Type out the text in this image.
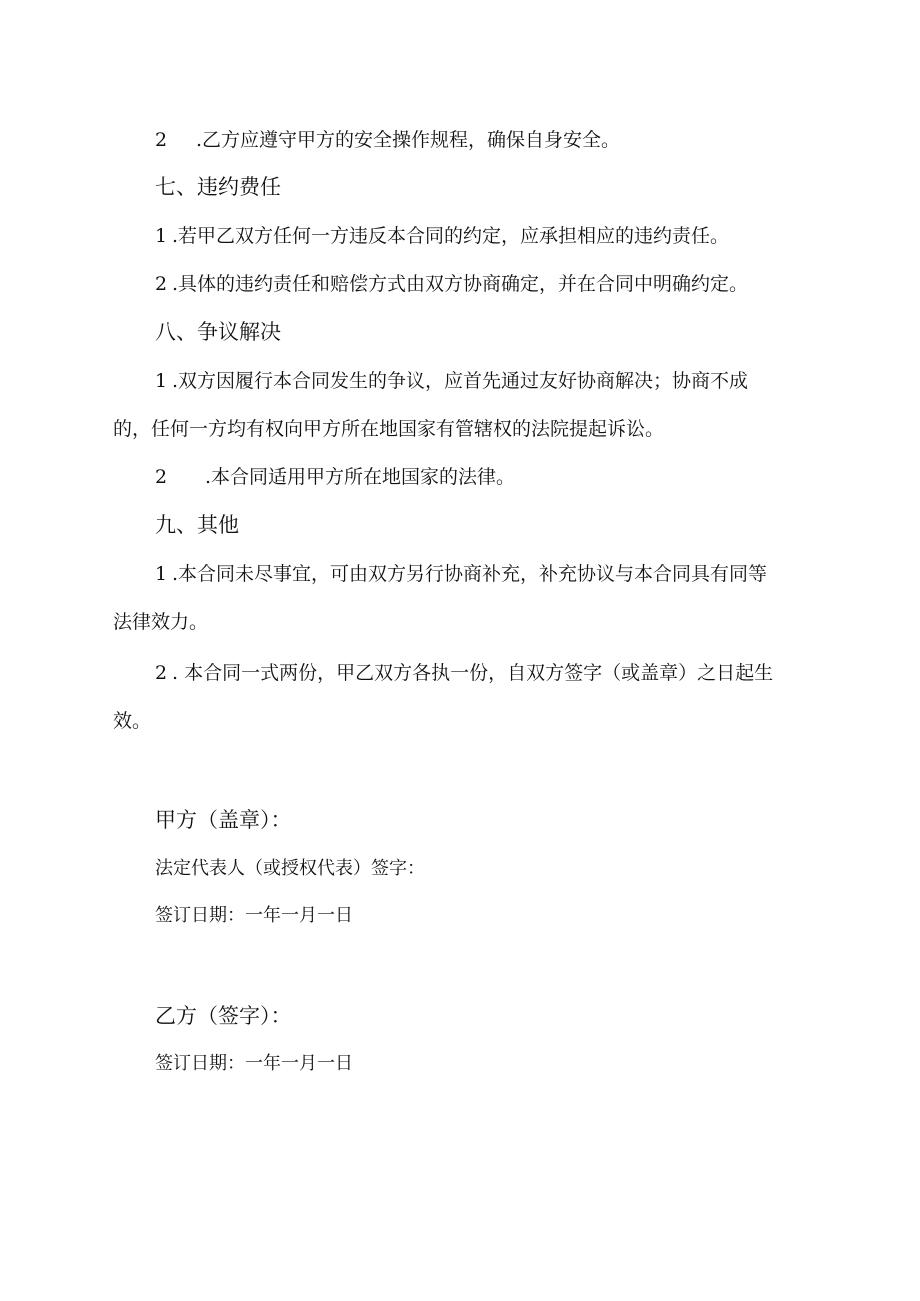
2 .乙方应遵守甲方的安全操作规程，确保自身安全。
七、违约费任
1 .若甲乙双方任何一方违反本合同的约定，应承担相应的违约责任。
2 .具体的违约责任和赔偿方式由双方协商确定，并在合同中明确约定。
八、争议解决
1 .双方因履行本合同发生的争议，应首先通过友好协商解决；协商不成
的，任何一方均有权向甲方所在地国家有管辖权的法院提起诉讼。
2 .本合同适用甲方所在地国家的法律。
九、其他
1 .本合同未尽事宜，可由双方另行协商补充，补充协议与本合同具有同等
法律效力。
2 . 本合同一式两份，甲乙双方各执一份，自双方签字（或盖章）之日起生
效。
甲方（盖章）：
法定代表人（或授权代表）签字：
签订日期：一年一月一日
乙方（签字）：
签订日期：一年一月一日
